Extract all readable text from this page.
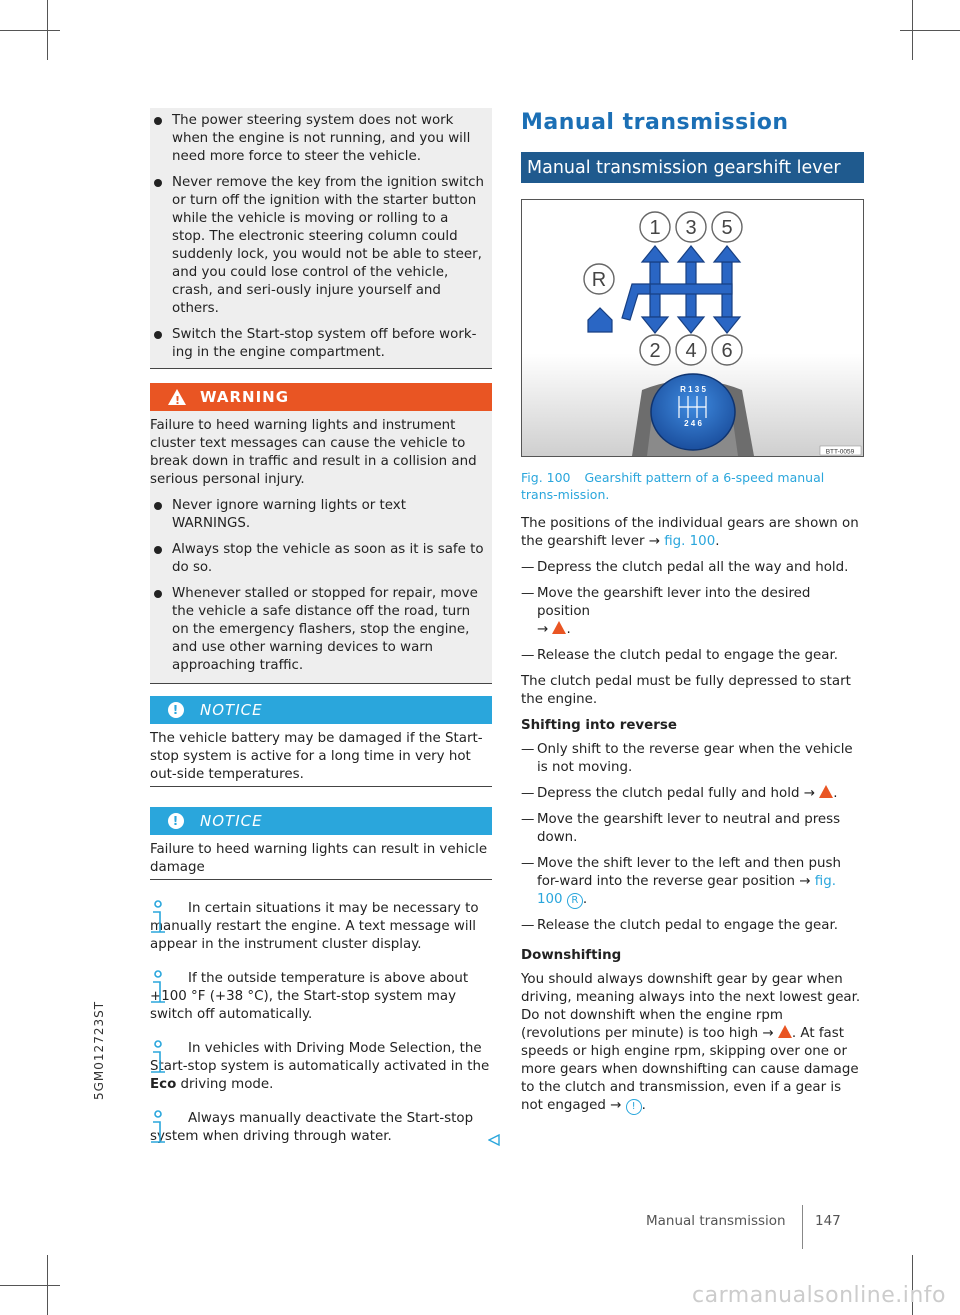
The power steering system does not work when the engine is not running, and you will need more force to steer the vehicle.
Never remove the key from the ignition switch or turn off the ignition with the starter button while the vehicle is moving or rolling to a stop. The electronic steering column could suddenly lock, you would not be able to steer, and you could lose control of the vehicle, crash, and seri-ously injure yourself and others.
Switch the Start-stop system off before work-ing in the engine compartment.
! WARNING

Failure to heed warning lights and instrument cluster text messages can cause the vehicle to break down in traffic and result in a collision and serious personal injury.

Never ignore warning lights or text WARNINGS.
Always stop the vehicle as soon as it is safe to do so.
Whenever stalled or stopped for repair, move the vehicle a safe distance off the road, turn on the emergency flashers, stop the engine, and use other warning devices to warn approaching traffic.
!	NOTICE

The vehicle battery may be damaged if the Start-stop system is active for a long time in very hot out-side temperatures.

!	NOTICE

Failure to heed warning lights can result in vehicle damage

In certain situations it may be necessary to manually restart the engine. A text message will appear in the instrument cluster display.
If the outside temperature is above about +100 °F (+38 °C), the Start-stop system may switch off automatically.
In vehicles with Driving Mode Selection, the Start-stop system is automatically activated in the Eco driving mode.
Always manually deactivate the Start-stop system when driving through water.
Manual transmission
Manual transmission gearshift lever
1 3 5
R
2 4 6
R 1 3 5
2 4 6
BTT-0059
Fig. 100 Gearshift pattern of a 6-speed manual trans-mission.

The positions of the individual gears are shown on the gearshift lever → fig. 100.

— Depress the clutch pedal all the way and hold.
— Move the gearshift lever into the desired position
→ .
— Release the clutch pedal to engage the gear.

The clutch pedal must be fully depressed to start the engine.

Shifting into reverse
— Only shift to the reverse gear when the vehicle is not moving.
— Depress the clutch pedal fully and hold → .
— Move the gearshift lever to neutral and press down.
— Move the shift lever to the left and then push for-ward into the reverse gear position → fig. 100 R .
— Release the clutch pedal to engage the gear.
Downshifting

You should always downshift gear by gear when driving, meaning always into the next lowest gear. Do not downshift when the engine rpm (revolutions per minute) is too high → . At fast speeds or high engine rpm, skipping over one or more gears when downshifting can cause damage to the clutch and transmission, even if a gear is not engaged → ! .

Manual transmission 147
5GM012723ST
carmanualsonline.info
